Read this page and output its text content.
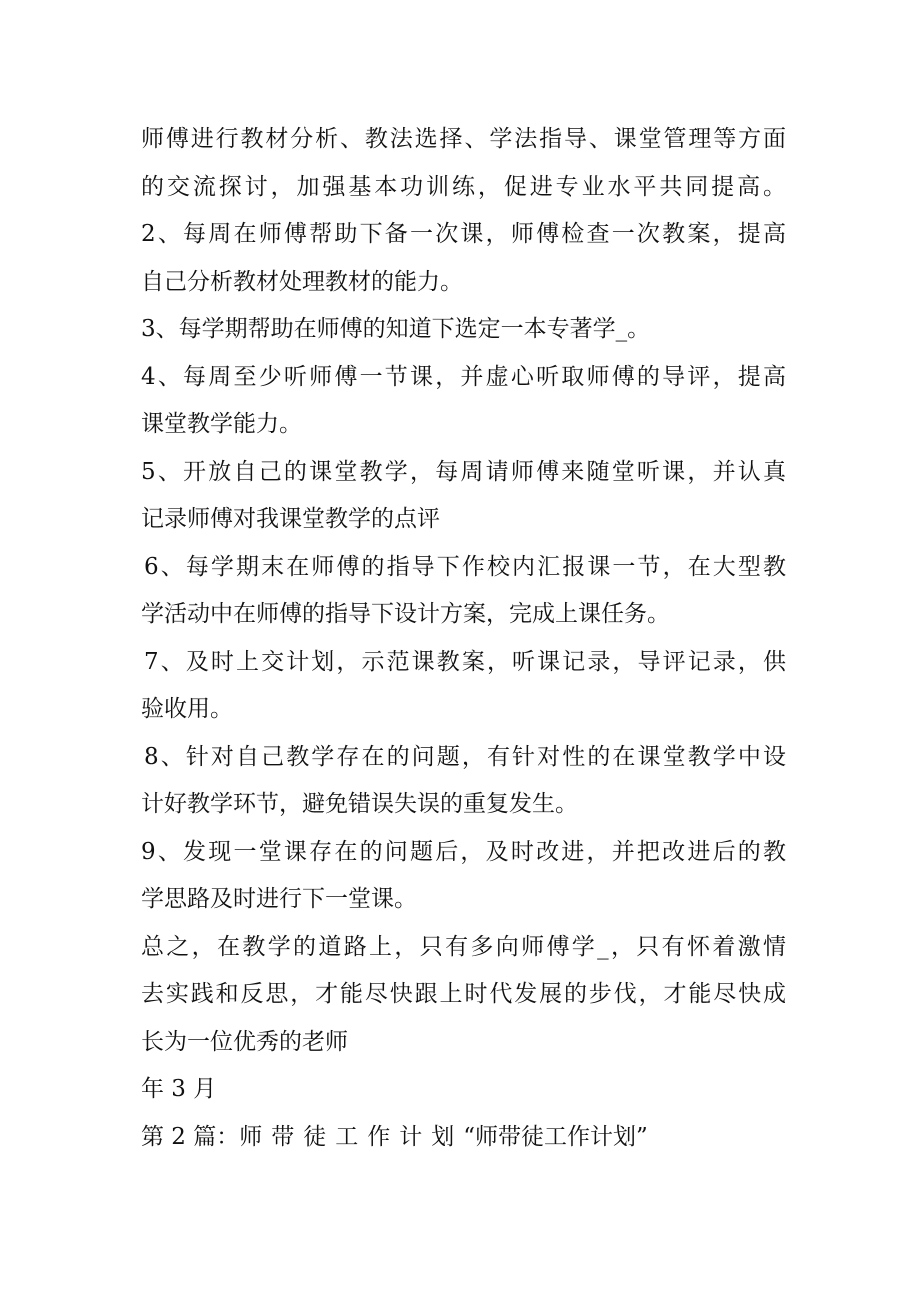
师傅进行教材分析、教法选择、学法指导、课堂管理等方面
的交流探讨，加强基本功训练，促进专业水平共同提高。
2、每周在师傅帮助下备一次课，师傅检查一次教案，提高
自己分析教材处理教材的能力。
3、每学期帮助在师傅的知道下选定一本专著学_。
4、每周至少听师傅一节课，并虚心听取师傅的导评，提高
课堂教学能力。
5、开放自己的课堂教学，每周请师傅来随堂听课，并认真
记录师傅对我课堂教学的点评
6、每学期末在师傅的指导下作校内汇报课一节，在大型教
学活动中在师傅的指导下设计方案，完成上课任务。
7、及时上交计划，示范课教案，听课记录，导评记录，供
验收用。
8、针对自己教学存在的问题，有针对性的在课堂教学中设
计好教学环节，避免错误失误的重复发生。
9、发现一堂课存在的问题后，及时改进，并把改进后的教
学思路及时进行下一堂课。
总之，在教学的道路上，只有多向师傅学_，只有怀着激情
去实践和反思，才能尽快跟上时代发展的步伐，才能尽快成
长为一位优秀的老师
年 3 月
第 2 篇：师带徒工作计划“师带徒工作计划”
